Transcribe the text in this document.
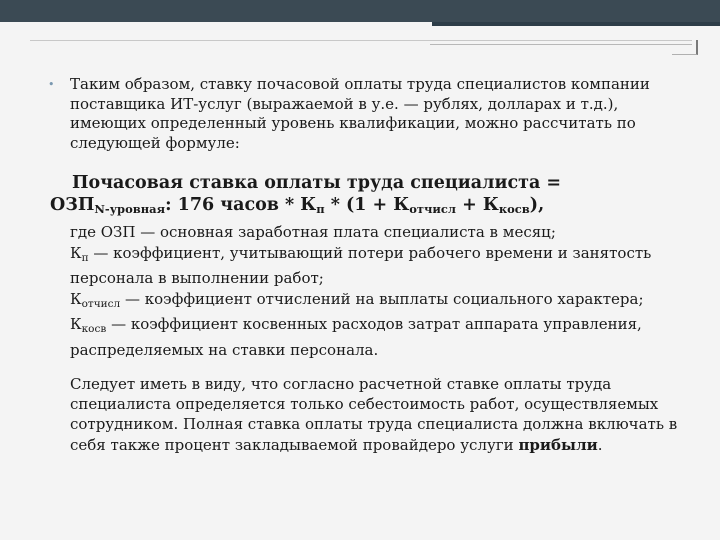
• Таким образом, ставку почасовой оплаты труда специалистов компании поставщика ИТ-услуг (выражаемой в у.е. — рублях, долларах и т.д.), имеющих определенный уровень квалификации, можно рассчитать по следующей формуле:
Почасовая ставка оплаты труда специалиста =
$ОЗП_{N-уровная}$: 176 часов * $К_п * (1 + К_{отчисл} + К_{косв})$,
где ОЗП — основная заработная плата специалиста в месяц;
$К_п$ — коэффициент, учитывающий потери рабочего времени и занятость персонала в выполнении работ;
$К_{отчисл}$ — коэффициент отчислений на выплаты социального характера;
$К_{косв}$ — коэффициент косвенных расходов затрат аппарата управления, распределяемых на ставки персонала.
Следует иметь в виду, что согласно расчетной ставке оплаты труда специалиста определяется только себестоимость работ, осуществляемых сотрудником. Полная ставка оплаты труда специалиста должна включать в себя также процент закладываемой провайдеро услуги прибыли.
